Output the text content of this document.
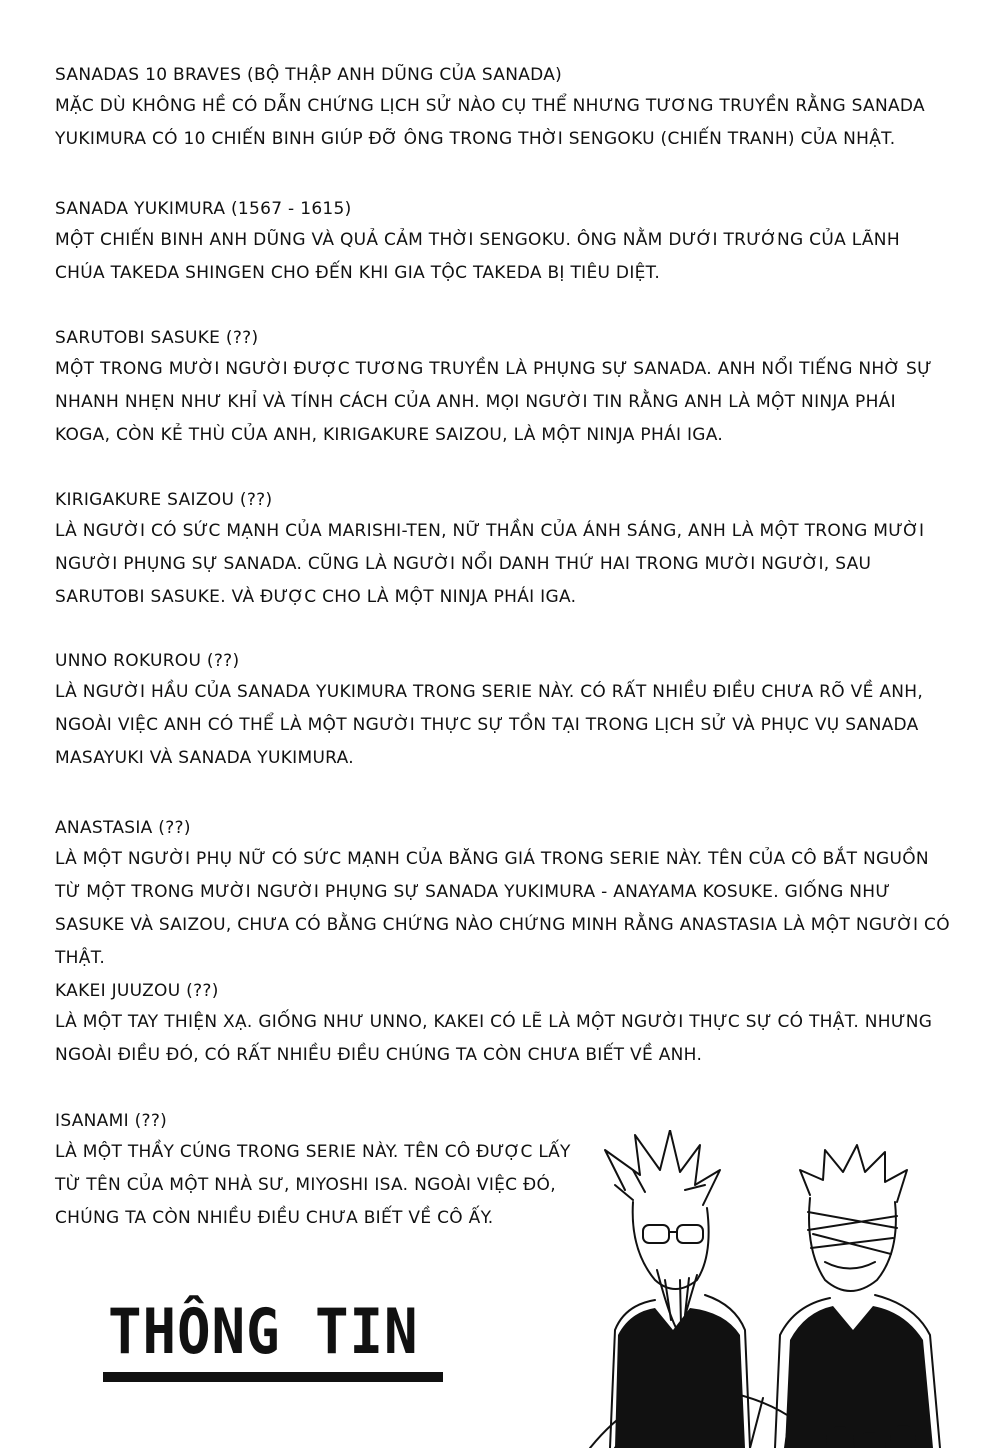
SANADAS 10 BRAVES (BỘ THẬP ANH DŨNG CỦA SANADA)
MẶC DÙ KHÔNG HỀ CÓ DẪN CHỨNG LỊCH SỬ NÀO CỤ THỂ NHƯNG TƯƠNG TRUYỀN RẰNG SANADA YUKIMURA CÓ 10 CHIẾN BINH GIÚP ĐỠ ÔNG TRONG THỜI SENGOKU (CHIẾN TRANH) CỦA NHẬT.
SANADA YUKIMURA (1567 - 1615)
MỘT CHIẾN BINH ANH DŨNG VÀ QUẢ CẢM THỜI SENGOKU. ÔNG NẰM DƯỚI TRƯỚNG CỦA LÃNH CHÚA TAKEDA SHINGEN CHO ĐẾN KHI GIA TỘC TAKEDA BỊ TIÊU DIỆT.
SARUTOBI SASUKE (??)
MỘT TRONG MƯỜI NGƯỜI ĐƯỢC TƯƠNG TRUYỀN LÀ PHỤNG SỰ SANADA. ANH NỔI TIẾNG NHỜ SỰ NHANH NHẸN NHƯ KHỈ VÀ TÍNH CÁCH CỦA ANH. MỌI NGƯỜI TIN RẰNG ANH LÀ MỘT NINJA PHÁI KOGA, CÒN KẺ THÙ CỦA ANH, KIRIGAKURE SAIZOU, LÀ MỘT NINJA PHÁI IGA.
KIRIGAKURE SAIZOU (??)
LÀ NGƯỜI CÓ SỨC MẠNH CỦA MARISHI-TEN, NỮ THẦN CỦA ÁNH SÁNG, ANH LÀ MỘT TRONG MƯỜI NGƯỜI PHỤNG SỰ SANADA. CŨNG LÀ NGƯỜI NỔI DANH THỨ HAI TRONG MƯỜI NGƯỜI, SAU SARUTOBI SASUKE. VÀ ĐƯỢC CHO LÀ MỘT NINJA PHÁI IGA.
UNNO ROKUROU (??)
LÀ NGƯỜI HẦU CỦA SANADA YUKIMURA TRONG SERIE NÀY. CÓ RẤT NHIỀU ĐIỀU CHƯA RÕ VỀ ANH, NGOÀI VIỆC ANH CÓ THỂ LÀ MỘT NGƯỜI THỰC SỰ TỒN TẠI TRONG LỊCH SỬ VÀ PHỤC VỤ SANADA MASAYUKI VÀ SANADA YUKIMURA.
ANASTASIA (??)
LÀ MỘT NGƯỜI PHỤ NỮ CÓ SỨC MẠNH CỦA BĂNG GIÁ TRONG SERIE NÀY. TÊN CỦA CÔ BẮT NGUỒN TỪ MỘT TRONG MƯỜI NGƯỜI PHỤNG SỰ SANADA YUKIMURA - ANAYAMA KOSUKE. GIỐNG NHƯ SASUKE VÀ SAIZOU, CHƯA CÓ BẰNG CHỨNG NÀO CHỨNG MINH RẰNG ANASTASIA LÀ MỘT NGƯỜI CÓ THẬT.
KAKEI JUUZOU (??)
LÀ MỘT TAY THIỆN XẠ. GIỐNG NHƯ UNNO, KAKEI CÓ LẼ LÀ MỘT NGƯỜI THỰC SỰ CÓ THẬT. NHƯNG NGOÀI ĐIỀU ĐÓ, CÓ RẤT NHIỀU ĐIỀU CHÚNG TA CÒN CHƯA BIẾT VỀ ANH.
ISANAMI (??)
LÀ MỘT THẦY CÚNG TRONG SERIE NÀY. TÊN CÔ ĐƯỢC LẤY TỪ TÊN CỦA MỘT NHÀ SƯ, MIYOSHI ISA. NGOÀI VIỆC ĐÓ, CHÚNG TA CÒN NHIỀU ĐIỀU CHƯA BIẾT VỀ CÔ ẤY.
THÔNG TIN
